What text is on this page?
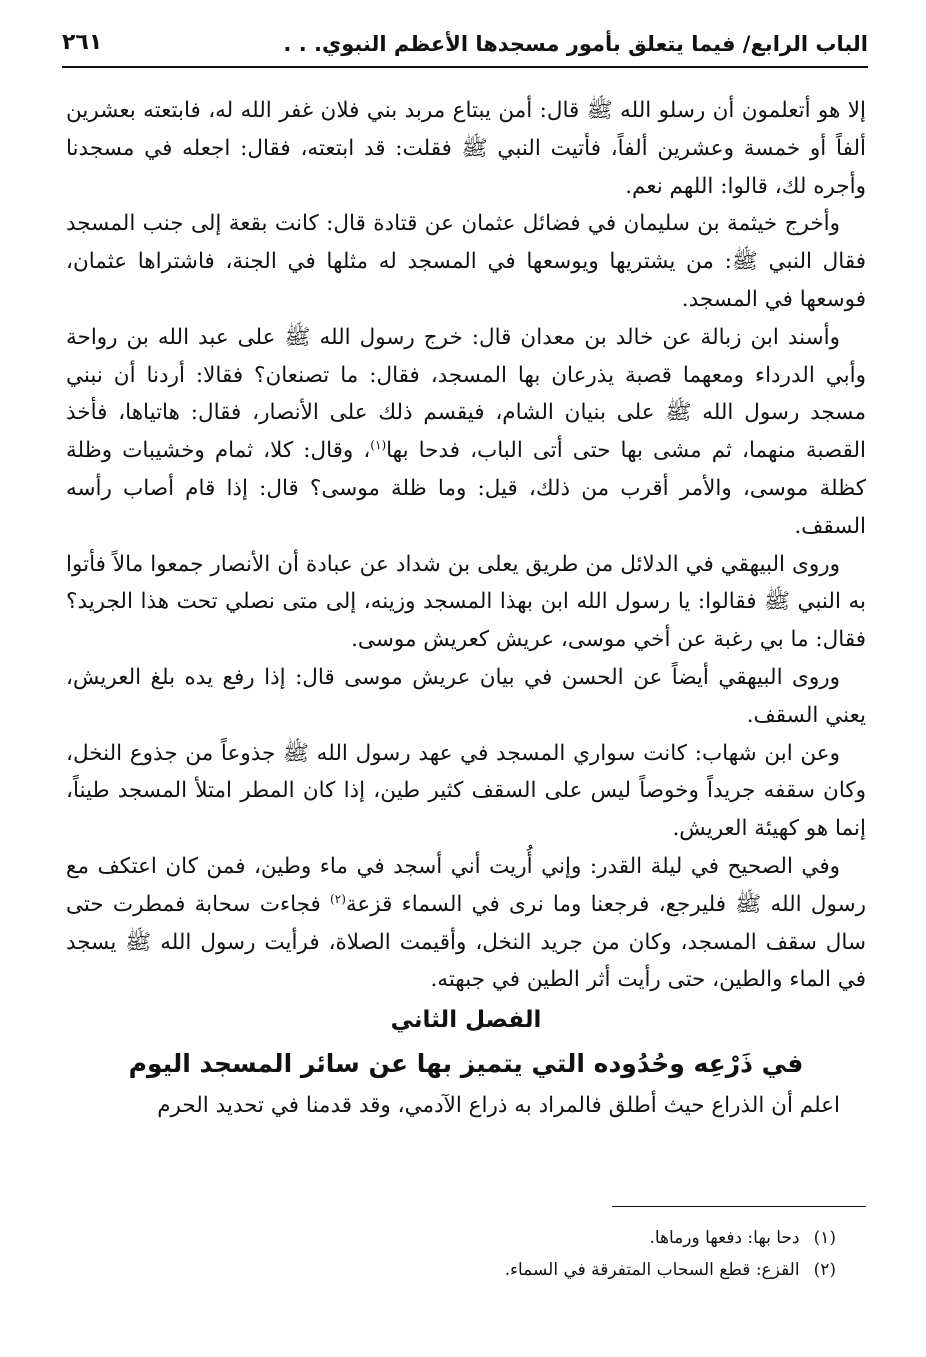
الباب الرابع/ فيما يتعلق بأمور مسجدها الأعظم النبوي. . .
٢٦١

إلا هو أتعلمون أن رسلو الله ﷺ قال: أمن يبتاع مربد بني فلان غفر الله له، فابتعته بعشرين ألفاً أو خمسة وعشرين ألفاً، فأتيت النبي ﷺ فقلت: قد ابتعته، فقال: اجعله في مسجدنا وأجره لك، قالوا: اللهم نعم.

وأخرج خيثمة بن سليمان في فضائل عثمان عن قتادة قال: كانت بقعة إلى جنب المسجد فقال النبي ﷺ: من يشتريها ويوسعها في المسجد له مثلها في الجنة، فاشتراها عثمان، فوسعها في المسجد.

وأسند ابن زبالة عن خالد بن معدان قال: خرج رسول الله ﷺ على عبد الله بن رواحة وأبي الدرداء ومعهما قصبة يذرعان بها المسجد، فقال: ما تصنعان؟ فقالا: أردنا أن نبني مسجد رسول الله ﷺ على بنيان الشام، فيقسم ذلك على الأنصار، فقال: هاتياها، فأخذ القصبة منهما، ثم مشى بها حتى أتى الباب، فدحا بها$^{(١)}$، وقال: كلا، ثمام وخشيبات وظلة كظلة موسى، والأمر أقرب من ذلك، قيل: وما ظلة موسى؟ قال: إذا قام أصاب رأسه السقف.

وروى البيهقي في الدلائل من طريق يعلى بن شداد عن عبادة أن الأنصار جمعوا مالاً فأتوا به النبي ﷺ فقالوا: يا رسول الله ابن بهذا المسجد وزينه، إلى متى نصلي تحت هذا الجريد؟ فقال: ما بي رغبة عن أخي موسى، عريش كعريش موسى.

وروى البيهقي أيضاً عن الحسن في بيان عريش موسى قال: إذا رفع يده بلغ العريش، يعني السقف.

وعن ابن شهاب: كانت سواري المسجد في عهد رسول الله ﷺ جذوعاً من جذوع النخل، وكان سقفه جريداً وخوصاً ليس على السقف كثير طين، إذا كان المطر امتلأ المسجد طيناً، إنما هو كهيئة العريش.

وفي الصحيح في ليلة القدر: وإني أُريت أني أسجد في ماء وطين، فمن كان اعتكف مع رسول الله ﷺ فليرجع، فرجعنا وما نرى في السماء قزعة$^{(٢)}$ فجاءت سحابة فمطرت حتى سال سقف المسجد، وكان من جريد النخل، وأقيمت الصلاة، فرأيت رسول الله ﷺ يسجد في الماء والطين، حتى رأيت أثر الطين في جبهته.

الفصل الثاني

في ذَرْعِه وحُدُوده التي يتميز بها عن سائر المسجد اليوم

اعلم أن الذراع حيث أطلق فالمراد به ذراع الآدمي، وقد قدمنا في تحديد الحرم

(١)دحا بها: دفعها ورماها.

(٢)القزع: قطع السحاب المتفرقة في السماء.
